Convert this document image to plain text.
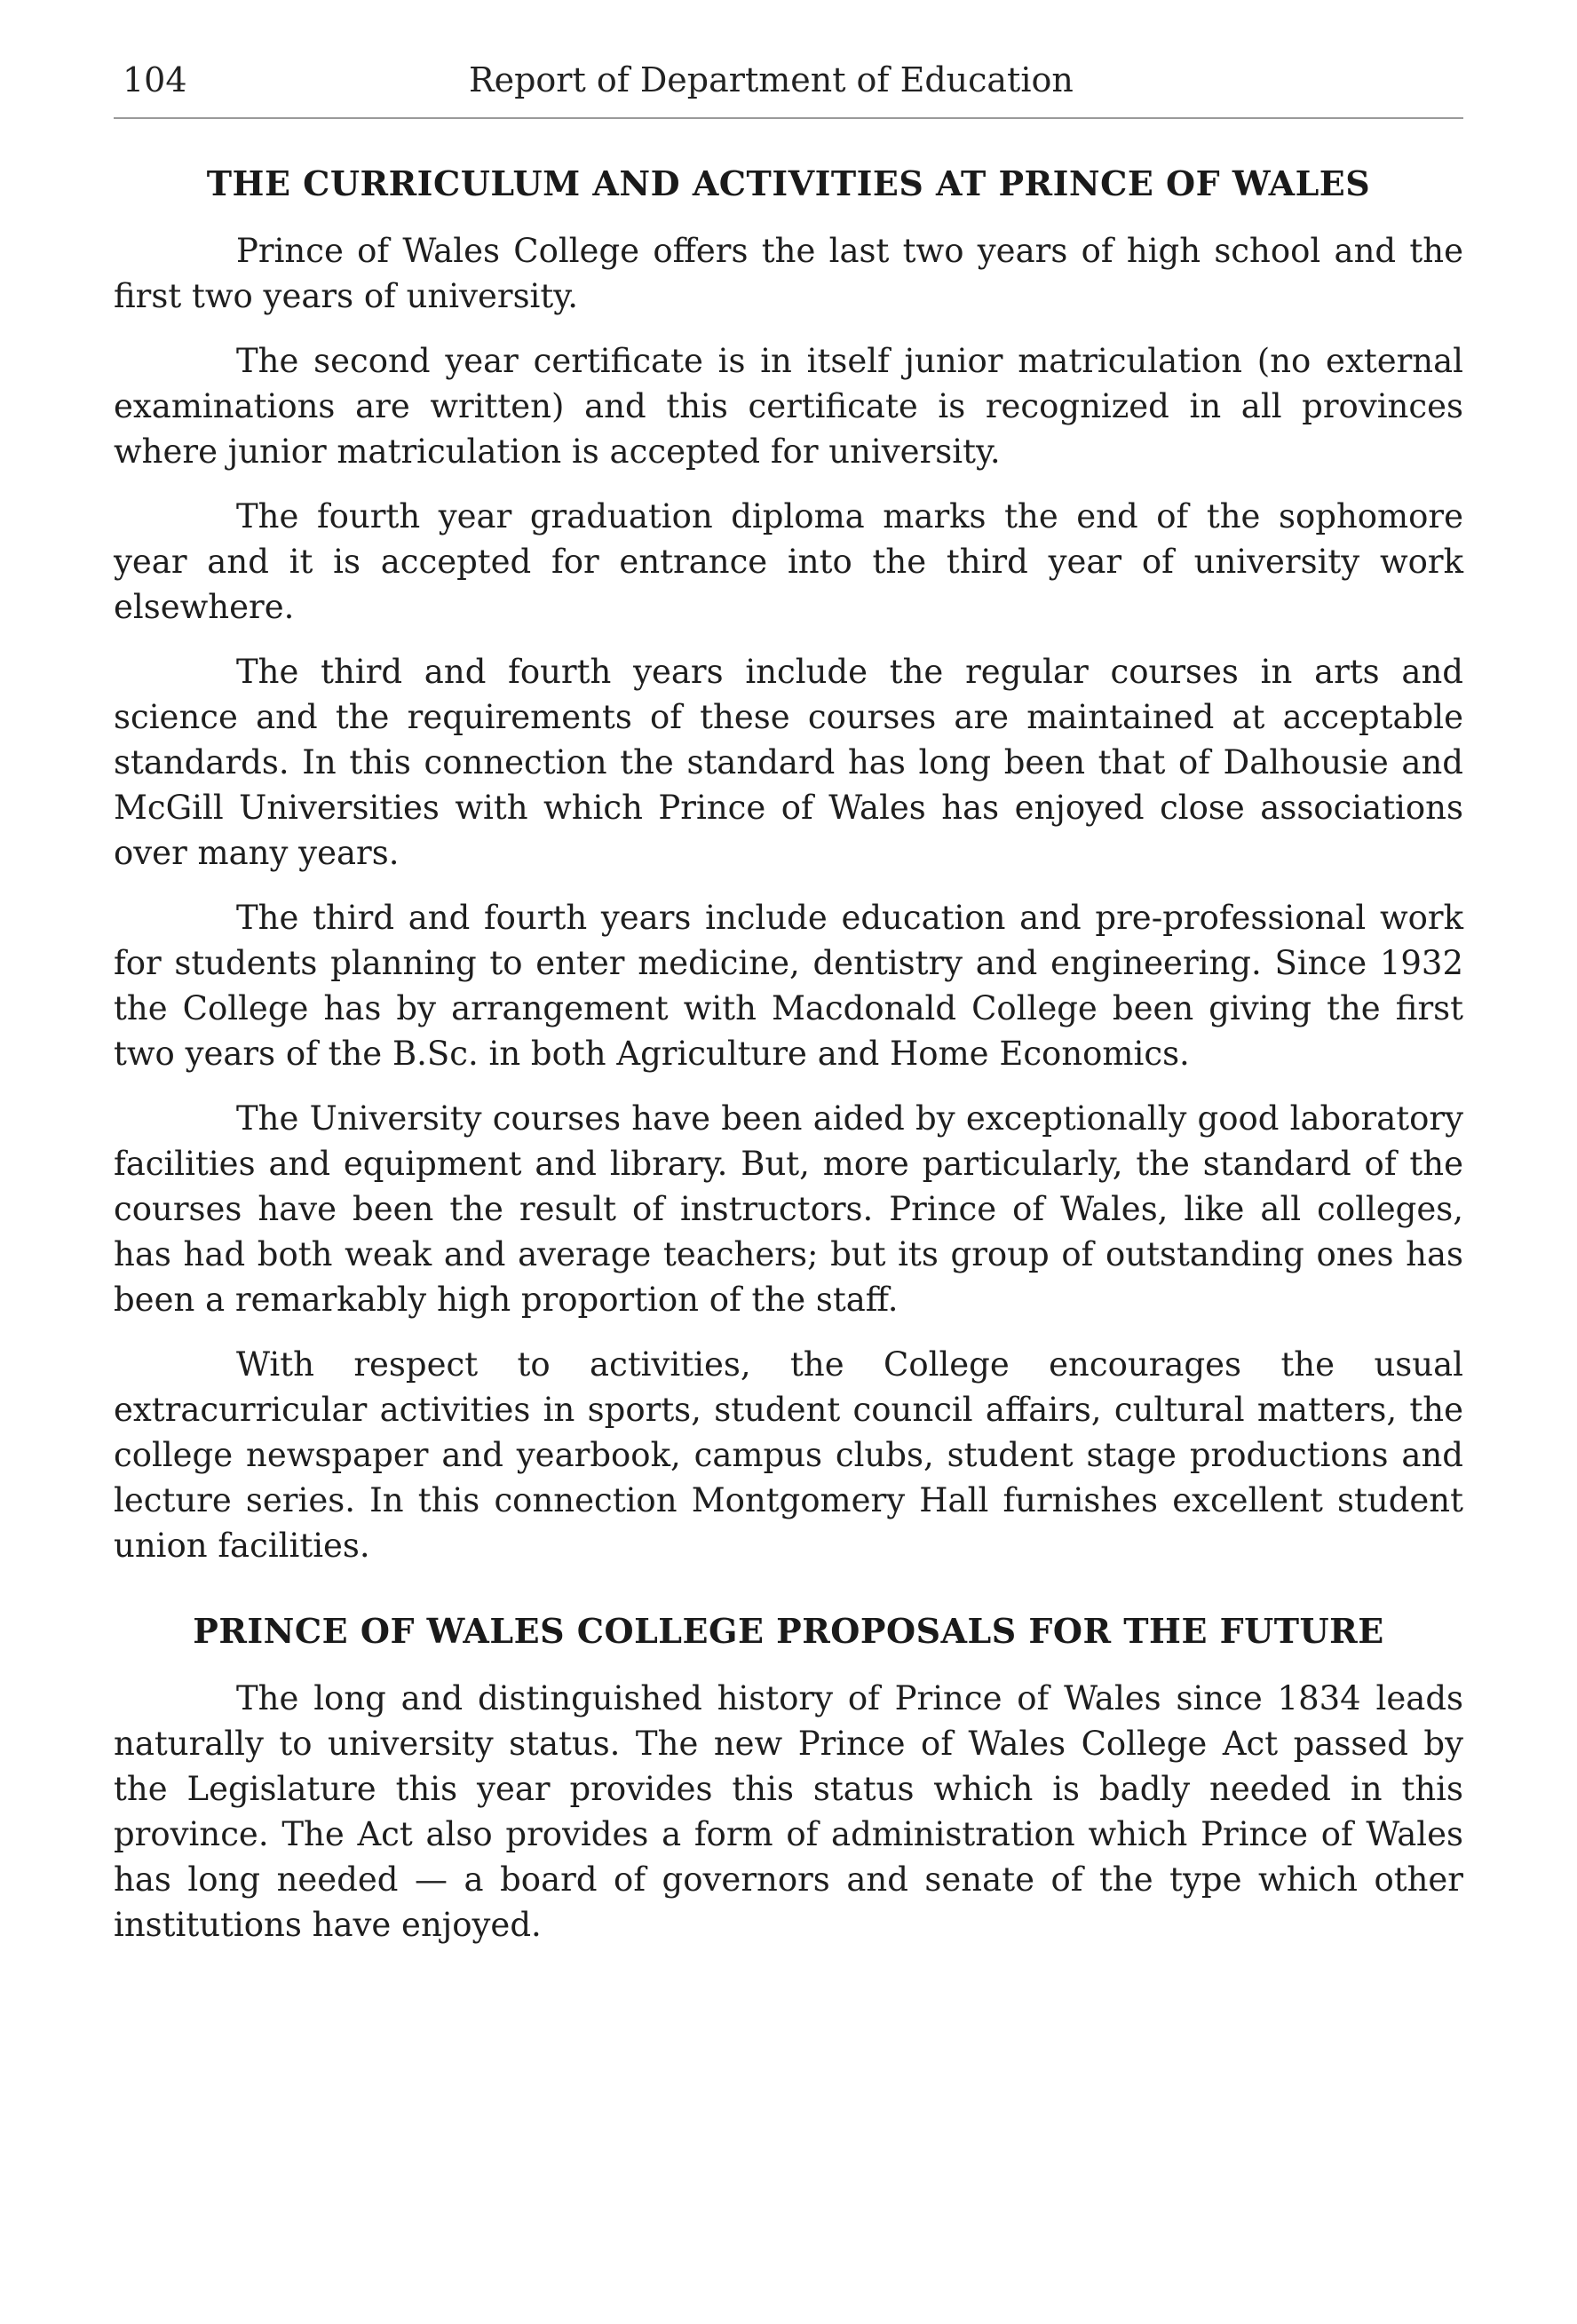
104	Report of Department of Education
THE CURRICULUM AND ACTIVITIES AT PRINCE OF WALES

Prince of Wales College offers the last two years of high school and the first two years of university.

The second year certificate is in itself junior matriculation (no external examinations are written) and this certificate is recognized in all provinces where junior matriculation is accepted for university.

The fourth year graduation diploma marks the end of the sophomore year and it is accepted for entrance into the third year of university work elsewhere.

The third and fourth years include the regular courses in arts and science and the requirements of these courses are maintained at acceptable standards. In this connection the standard has long been that of Dalhousie and McGill Universities with which Prince of Wales has enjoyed close associations over many years.

The third and fourth years include education and pre-professional work for students planning to enter medicine, dentistry and engineering. Since 1932 the College has by arrangement with Macdonald College been giving the first two years of the B.Sc. in both Agriculture and Home Economics.

The University courses have been aided by exceptionally good laboratory facilities and equipment and library. But, more particularly, the standard of the courses have been the result of instructors. Prince of Wales, like all colleges, has had both weak and average teachers; but its group of outstanding ones has been a remarkably high proportion of the staff.

With respect to activities, the College encourages the usual extracurricular activities in sports, student council affairs, cultural matters, the college newspaper and yearbook, campus clubs, student stage productions and lecture series. In this connection Montgomery Hall furnishes excellent student union facilities.

PRINCE OF WALES COLLEGE PROPOSALS FOR THE FUTURE

The long and distinguished history of Prince of Wales since 1834 leads naturally to university status. The new Prince of Wales College Act passed by the Legislature this year provides this status which is badly needed in this province. The Act also provides a form of administration which Prince of Wales has long needed — a board of governors and senate of the type which other institutions have enjoyed.
